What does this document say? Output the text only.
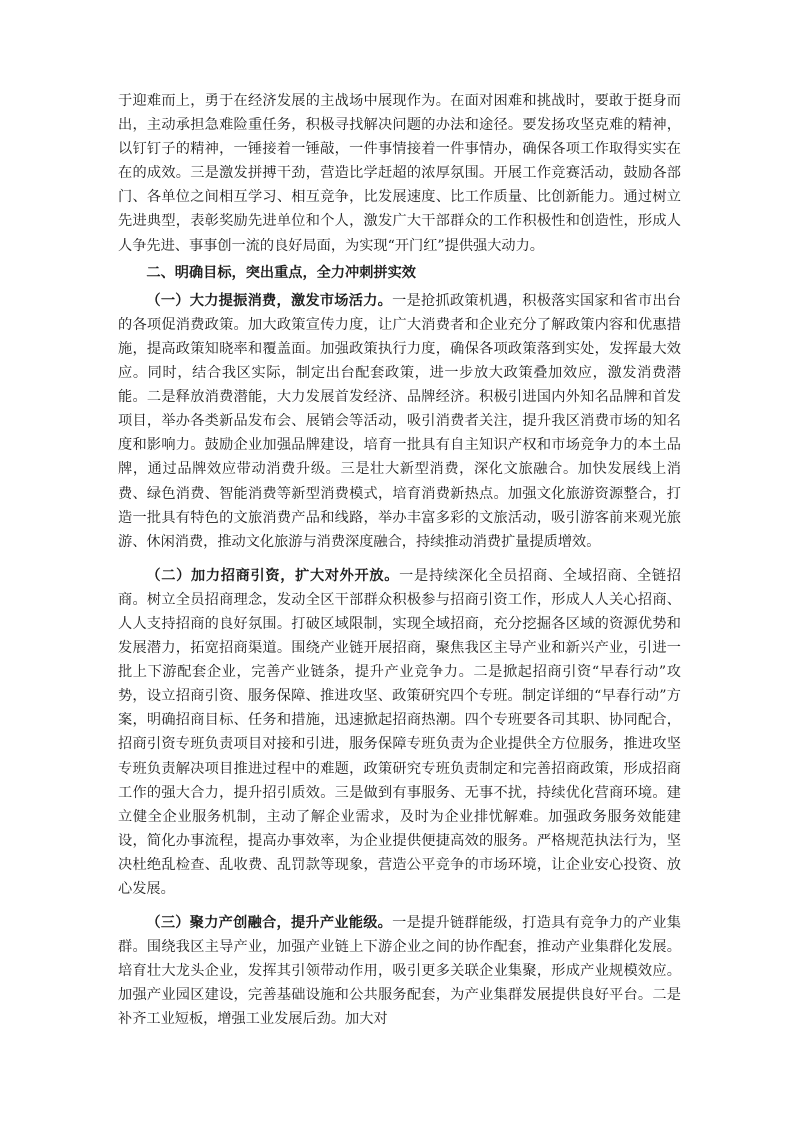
于迎难而上，勇于在经济发展的主战场中展现作为。在面对困难和挑战时，要敢于挺身而出，主动承担急难险重任务，积极寻找解决问题的办法和途径。要发扬攻坚克难的精神，以钉钉子的精神，一锤接着一锤敲，一件事情接着一件事情办，确保各项工作取得实实在在的成效。三是激发拼搏干劲，营造比学赶超的浓厚氛围。开展工作竞赛活动，鼓励各部门、各单位之间相互学习、相互竞争，比发展速度、比工作质量、比创新能力。通过树立先进典型，表彰奖励先进单位和个人，激发广大干部群众的工作积极性和创造性，形成人人争先进、事事创一流的良好局面，为实现“开门红”提供强大动力。

二、明确目标，突出重点，全力冲刺拼实效

（一）大力提振消费，激发市场活力。一是抢抓政策机遇，积极落实国家和省市出台的各项促消费政策。加大政策宣传力度，让广大消费者和企业充分了解政策内容和优惠措施，提高政策知晓率和覆盖面。加强政策执行力度，确保各项政策落到实处，发挥最大效应。同时，结合我区实际，制定出台配套政策，进一步放大政策叠加效应，激发消费潜能。二是释放消费潜能，大力发展首发经济、品牌经济。积极引进国内外知名品牌和首发项目，举办各类新品发布会、展销会等活动，吸引消费者关注，提升我区消费市场的知名度和影响力。鼓励企业加强品牌建设，培育一批具有自主知识产权和市场竞争力的本土品牌，通过品牌效应带动消费升级。三是壮大新型消费，深化文旅融合。加快发展线上消费、绿色消费、智能消费等新型消费模式，培育消费新热点。加强文化旅游资源整合，打造一批具有特色的文旅消费产品和线路，举办丰富多彩的文旅活动，吸引游客前来观光旅游、休闲消费，推动文化旅游与消费深度融合，持续推动消费扩量提质增效。

（二）加力招商引资，扩大对外开放。一是持续深化全员招商、全域招商、全链招商。树立全员招商理念，发动全区干部群众积极参与招商引资工作，形成人人关心招商、人人支持招商的良好氛围。打破区域限制，实现全域招商，充分挖掘各区域的资源优势和发展潜力，拓宽招商渠道。围绕产业链开展招商，聚焦我区主导产业和新兴产业，引进一批上下游配套企业，完善产业链条，提升产业竞争力。二是掀起招商引资“早春行动”攻势，设立招商引资、服务保障、推进攻坚、政策研究四个专班。制定详细的“早春行动”方案，明确招商目标、任务和措施，迅速掀起招商热潮。四个专班要各司其职、协同配合，招商引资专班负责项目对接和引进，服务保障专班负责为企业提供全方位服务，推进攻坚专班负责解决项目推进过程中的难题，政策研究专班负责制定和完善招商政策，形成招商工作的强大合力，提升招引质效。三是做到有事服务、无事不扰，持续优化营商环境。建立健全企业服务机制，主动了解企业需求，及时为企业排忧解难。加强政务服务效能建设，简化办事流程，提高办事效率，为企业提供便捷高效的服务。严格规范执法行为，坚决杜绝乱检查、乱收费、乱罚款等现象，营造公平竞争的市场环境，让企业安心投资、放心发展。

（三）聚力产创融合，提升产业能级。一是提升链群能级，打造具有竞争力的产业集群。围绕我区主导产业，加强产业链上下游企业之间的协作配套，推动产业集群化发展。培育壮大龙头企业，发挥其引领带动作用，吸引更多关联企业集聚，形成产业规模效应。加强产业园区建设，完善基础设施和公共服务配套，为产业集群发展提供良好平台。二是补齐工业短板，增强工业发展后劲。加大对
